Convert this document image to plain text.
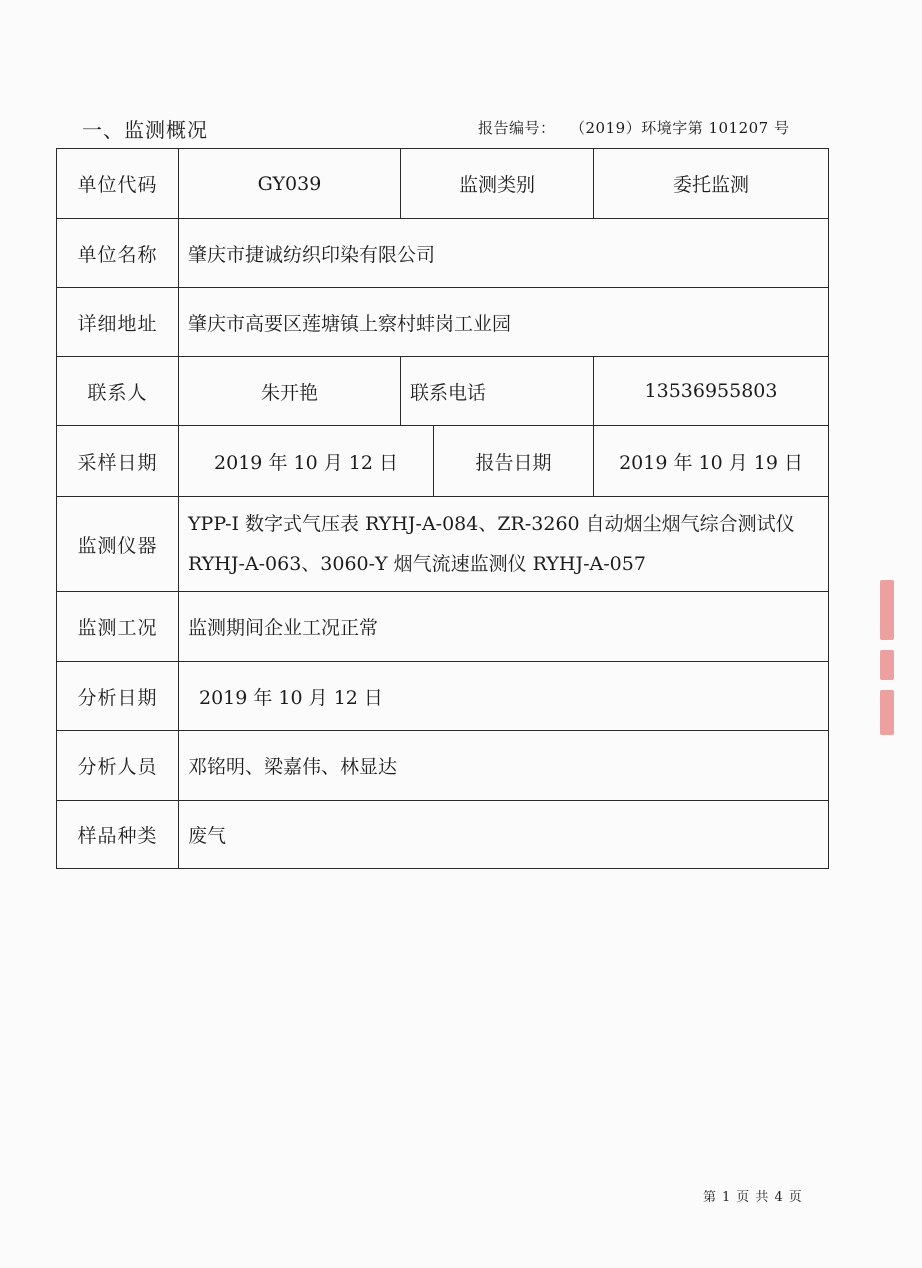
一、监测概况	报告编号： （2019）环境字第 101207 号
单位代码	GY039	监测类别		委托监测
单位名称	肇庆市捷诚纺织印染有限公司			
详细地址	肇庆市高要区莲塘镇上察村蚌岗工业园			
联系人	朱开艳	联系电话		13536955803
采样日期	2019 年 10 月 12 日		报告日期	2019 年 10 月 19 日
监测仪器	YPP-I 数字式气压表 RYHJ-A-084、ZR-3260 自动烟尘烟气综合测试仪 RYHJ-A-063、3060-Y 烟气流速监测仪 RYHJ-A-057			
监测工况	监测期间企业工况正常			
分析日期	2019 年 10 月 12 日			
分析人员	邓铭明、梁嘉伟、林显达			
样品种类	废气			
第 1 页 共 4 页
